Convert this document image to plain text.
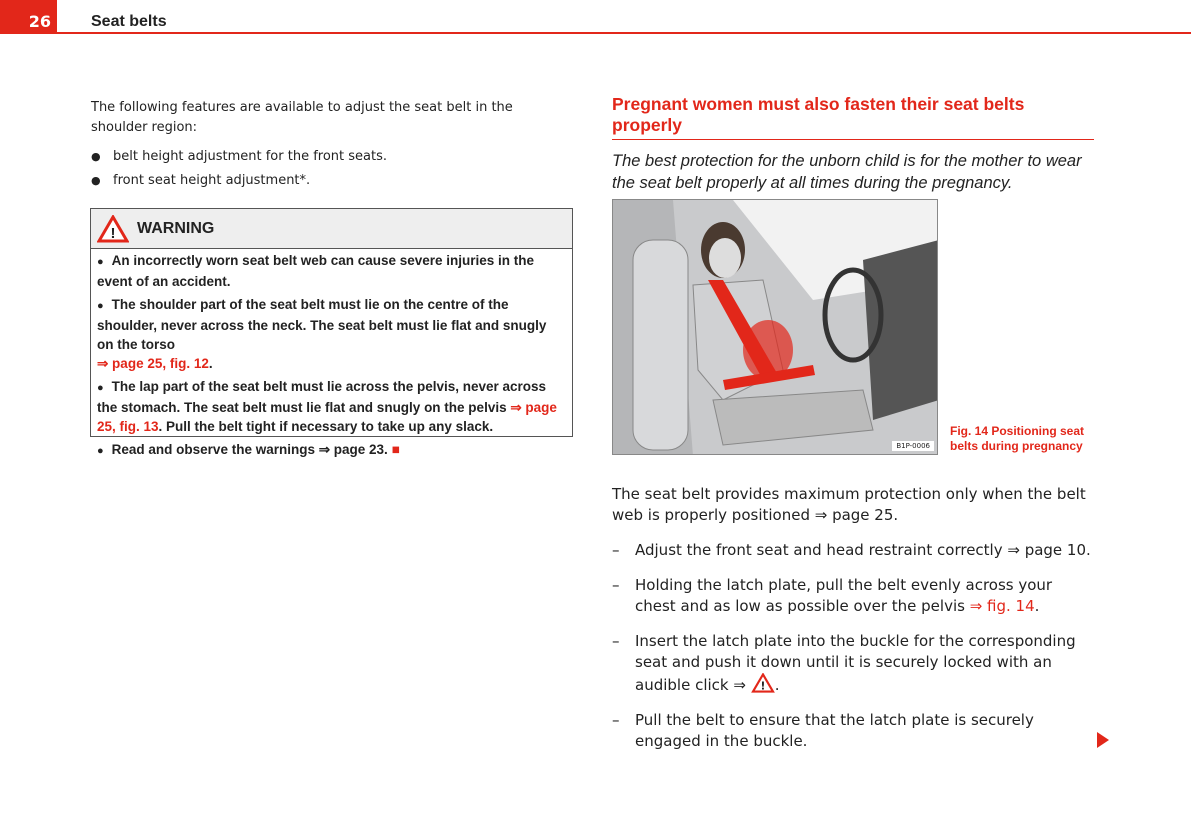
26	Seat belts

The following features are available to adjust the seat belt in the shoulder region:

● belt height adjustment for the front seats.
● front seat height adjustment*.
! WARNING
● An incorrectly worn seat belt web can cause severe injuries in the event of an accident.
● The shoulder part of the seat belt must lie on the centre of the shoulder, never across the neck. The seat belt must lie flat and snugly on the torso
⇒ page 25, fig. 12.
● The lap part of the seat belt must lie across the pelvis, never across the stomach. The seat belt must lie flat and snugly on the pelvis ⇒ page 25, fig. 13. Pull the belt tight if necessary to take up any slack.
● Read and observe the warnings ⇒ page 23. ■
Pregnant women must also fasten their seat belts properly
The best protection for the unborn child is for the mother to wear the seat belt properly at all times during the pregnancy.
B1P-0006
Fig. 14 Positioning seat belts during pregnancy

The seat belt provides maximum protection only when the belt web is properly positioned ⇒ page 25.

– Adjust the front seat and head restraint correctly ⇒ page 10.
– Holding the latch plate, pull the belt evenly across your chest and as low as possible over the pelvis ⇒ fig. 14.
– Insert the latch plate into the buckle for the corresponding seat and push it down until it is securely locked with an audible click ⇒ ! .
– Pull the belt to ensure that the latch plate is securely engaged in the buckle.
